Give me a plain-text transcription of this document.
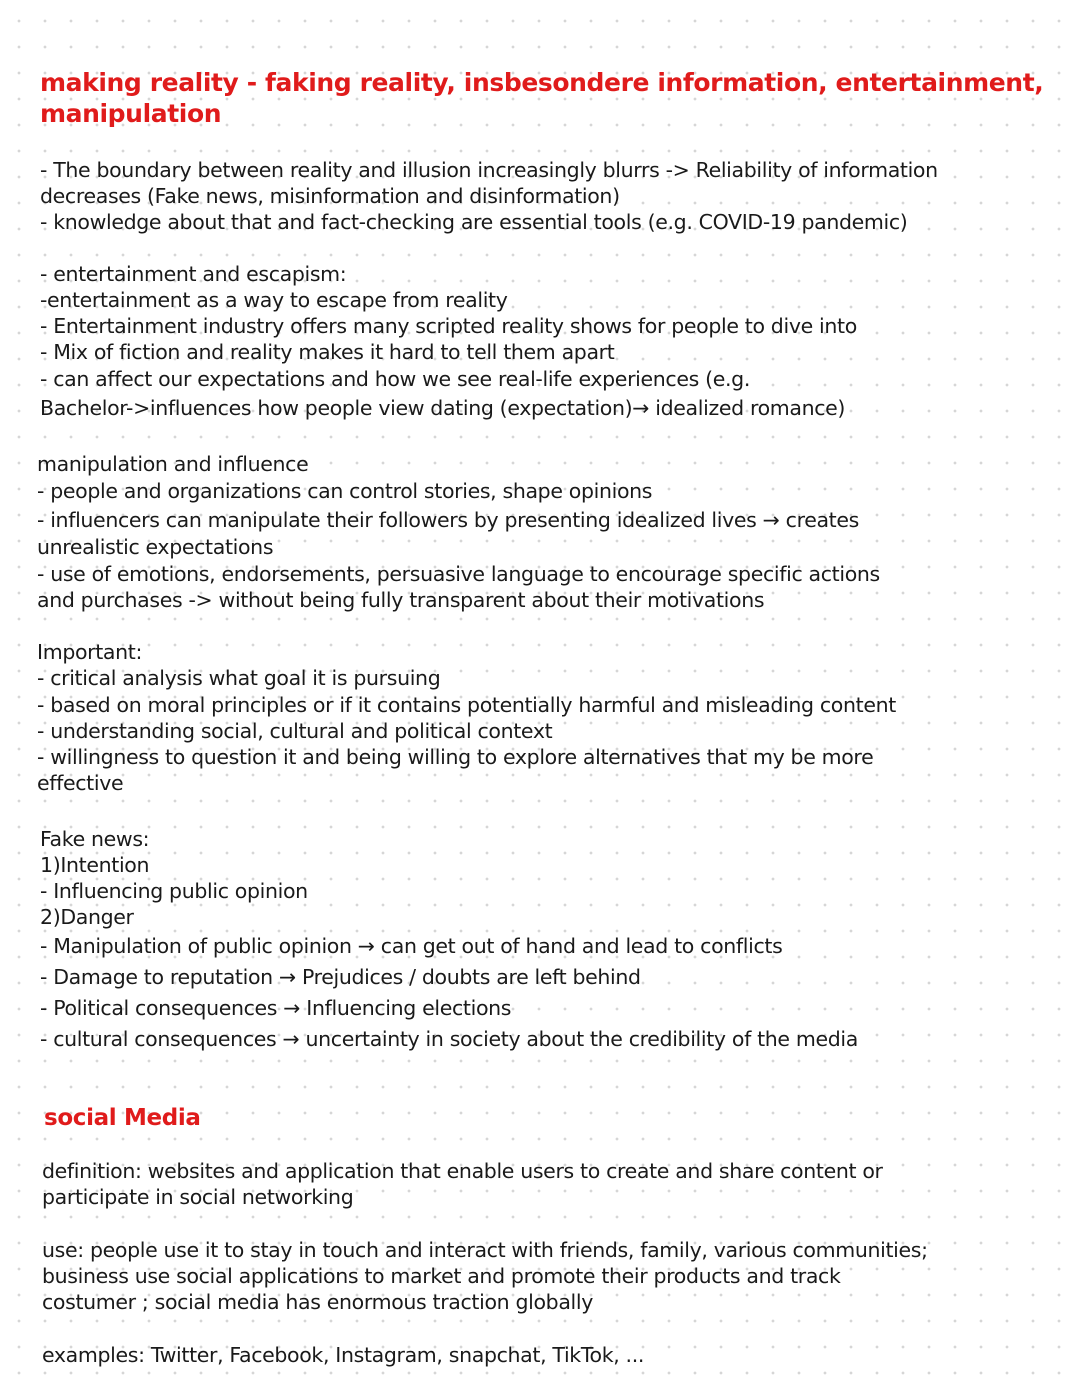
making reality - faking reality, insbesondere information, entertainment,
manipulation
- The boundary between reality and illusion increasingly blurrs -> Reliability of information
decreases (Fake news, misinformation and disinformation)
- knowledge about that and fact-checking are essential tools (e.g. COVID-19 pandemic)
- entertainment and escapism:
-entertainment as a way to escape from reality
- Entertainment industry offers many scripted reality shows for people to dive into
- Mix of fiction and reality makes it hard to tell them apart
- can affect our expectations and how we see real-life experiences (e.g.
Bachelor->influences how people view dating (expectation)→ idealized romance)
manipulation and influence
- people and organizations can control stories, shape opinions
- influencers can manipulate their followers by presenting idealized lives → creates
unrealistic expectations
- use of emotions, endorsements, persuasive language to encourage specific actions
and purchases -> without being fully transparent about their motivations
Important:
- critical analysis what goal it is pursuing
- based on moral principles or if it contains potentially harmful and misleading content
- understanding social, cultural and political context
- willingness to question it and being willing to explore alternatives that my be more
effective
Fake news:
1)Intention
- Influencing public opinion
2)Danger
- Manipulation of public opinion → can get out of hand and lead to conflicts
- Damage to reputation → Prejudices / doubts are left behind
- Political consequences → Influencing elections
- cultural consequences → uncertainty in society about the credibility of the media
social Media
definition: websites and application that enable users to create and share content or
participate in social networking
use: people use it to stay in touch and interact with friends, family, various communities;
business use social applications to market and promote their products and track
costumer ; social media has enormous traction globally
examples: Twitter, Facebook, Instagram, snapchat, TikTok, ...
